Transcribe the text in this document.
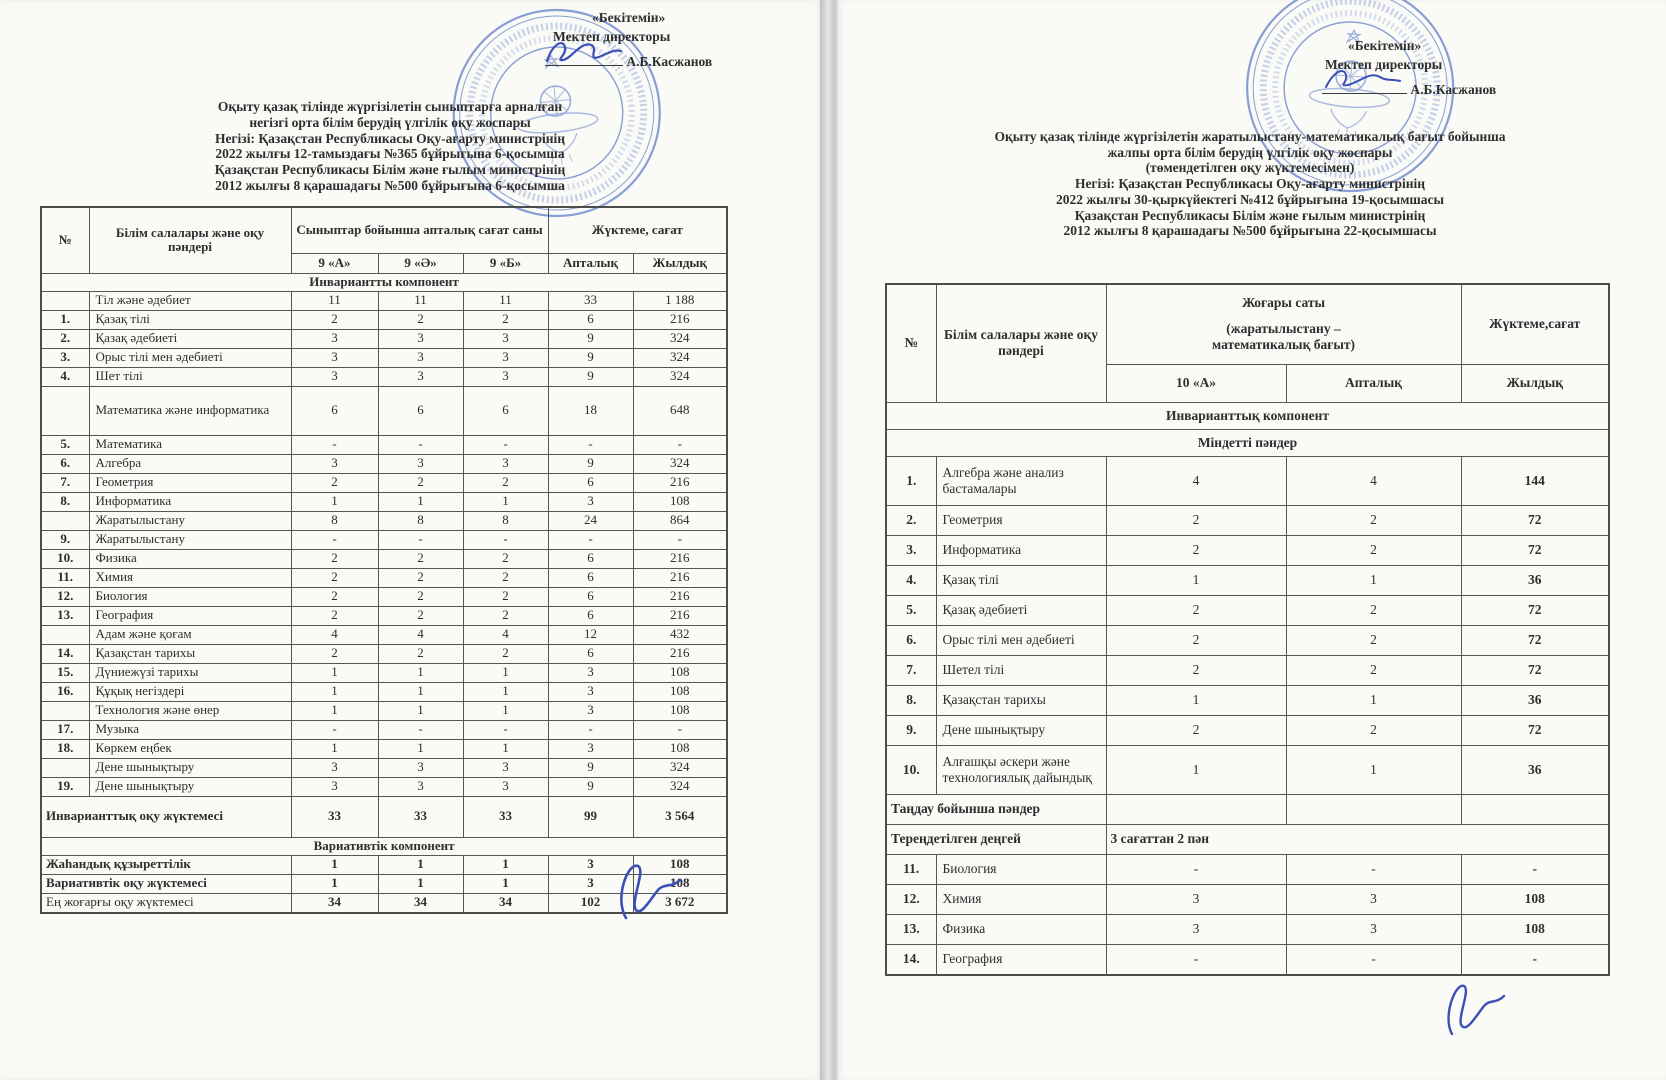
«Бекітемін»
Мектеп директоры
А.Б.Касжанов
Оқыту қазақ тілінде жүргізілетін сыныптарға арналған
негізгі орта білім берудің үлгілік оқу жоспары
Негізі: Қазақстан Республикасы Оқу-ағарту министрінің
2022 жылғы 12-тамыздағы №365 бұйрығына 6-қосымша
Қазақстан Республикасы Білім және ғылым министрінің
2012 жылғы 8 қарашадағы №500 бұйрығына 6-қосымша
№	Білім салалары және оқу пәндері	Сыныптар бойынша апталық сағат саны			Жүктеме, сағат	
		9 «А»	9 «Ә»	9 «Б»	Апталық	Жылдық
Инвариантты компонент						
	Тіл және әдебиет	11	11	11	33	1 188
1.	Қазақ тілі	2	2	2	6	216
2.	Қазақ әдебиеті	3	3	3	9	324
3.	Орыс тілі мен әдебиеті	3	3	3	9	324
4.	Шет тілі	3	3	3	9	324
	Математика және информатика	6	6	6	18	648
5.	Математика	-	-	-	-	-
6.	Алгебра	3	3	3	9	324
7.	Геометрия	2	2	2	6	216
8.	Информатика	1	1	1	3	108
	Жаратылыстану	8	8	8	24	864
9.	Жаратылыстану	-	-	-	-	-
10.	Физика	2	2	2	6	216
11.	Химия	2	2	2	6	216
12.	Биология	2	2	2	6	216
13.	География	2	2	2	6	216
	Адам және қоғам	4	4	4	12	432
14.	Қазақстан тарихы	2	2	2	6	216
15.	Дүниежүзі тарихы	1	1	1	3	108
16.	Құқық негіздері	1	1	1	3	108
	Технология және өнер	1	1	1	3	108
17.	Музыка	-	-	-	-	-
18.	Көркем еңбек	1	1	1	3	108
	Дене шынықтыру	3	3	3	9	324
19.	Дене шынықтыру	3	3	3	9	324
Инварианттық оқу жүктемесі		33	33	33	99	3 564
Вариативтік компонент						
Жаһандық құзыреттілік		1	1	1	3	108
Вариативтік оқу жүктемесі		1	1	1	3	108
Ең жоғарғы оқу жүктемесі		34	34	34	102	3 672
«Бекітемін»
Мектеп директоры
А.Б.Касжанов
Оқыту қазақ тілінде жүргізілетін жаратылыстану-математикалық бағыт бойынша
жалпы орта білім берудің үлгілік оқу жоспары
(төмендетілген оқу жүктемесімен)
Негізі: Қазақстан Республикасы Оқу-ағарту министрінің
2022 жылғы 30-қыркүйектегі №412 бұйрығына 19-қосымшасы
Қазақстан Республикасы Білім және ғылым министрінің
2012 жылғы 8 қарашадағы №500 бұйрығына 22-қосымшасы
№	Білім салалары және оқу пәндері	Жоғары саты
(жаратылыстану –
математикалық бағыт)		Жүктеме,сағат
		10 «А»	Апталық	Жылдық
Инварианттық компонент				
Міндетті пәндер				
1.	Алгебра және анализ бастамалары	4	4	144
2.	Геометрия	2	2	72
3.	Информатика	2	2	72
4.	Қазақ тілі	1	1	36
5.	Қазақ әдебиеті	2	2	72
6.	Орыс тілі мен әдебиеті	2	2	72
7.	Шетел тілі	2	2	72
8.	Қазақстан тарихы	1	1	36
9.	Дене шынықтыру	2	2	72
10.	Алғашқы әскери және технологиялық дайындық	1	1	36
Таңдау бойынша пәндер				
Тереңдетілген деңгей		3 сағаттан 2 пән		
11.	Биология	-	-	-
12.	Химия	3	3	108
13.	Физика	3	3	108
14.	География	-	-	-
